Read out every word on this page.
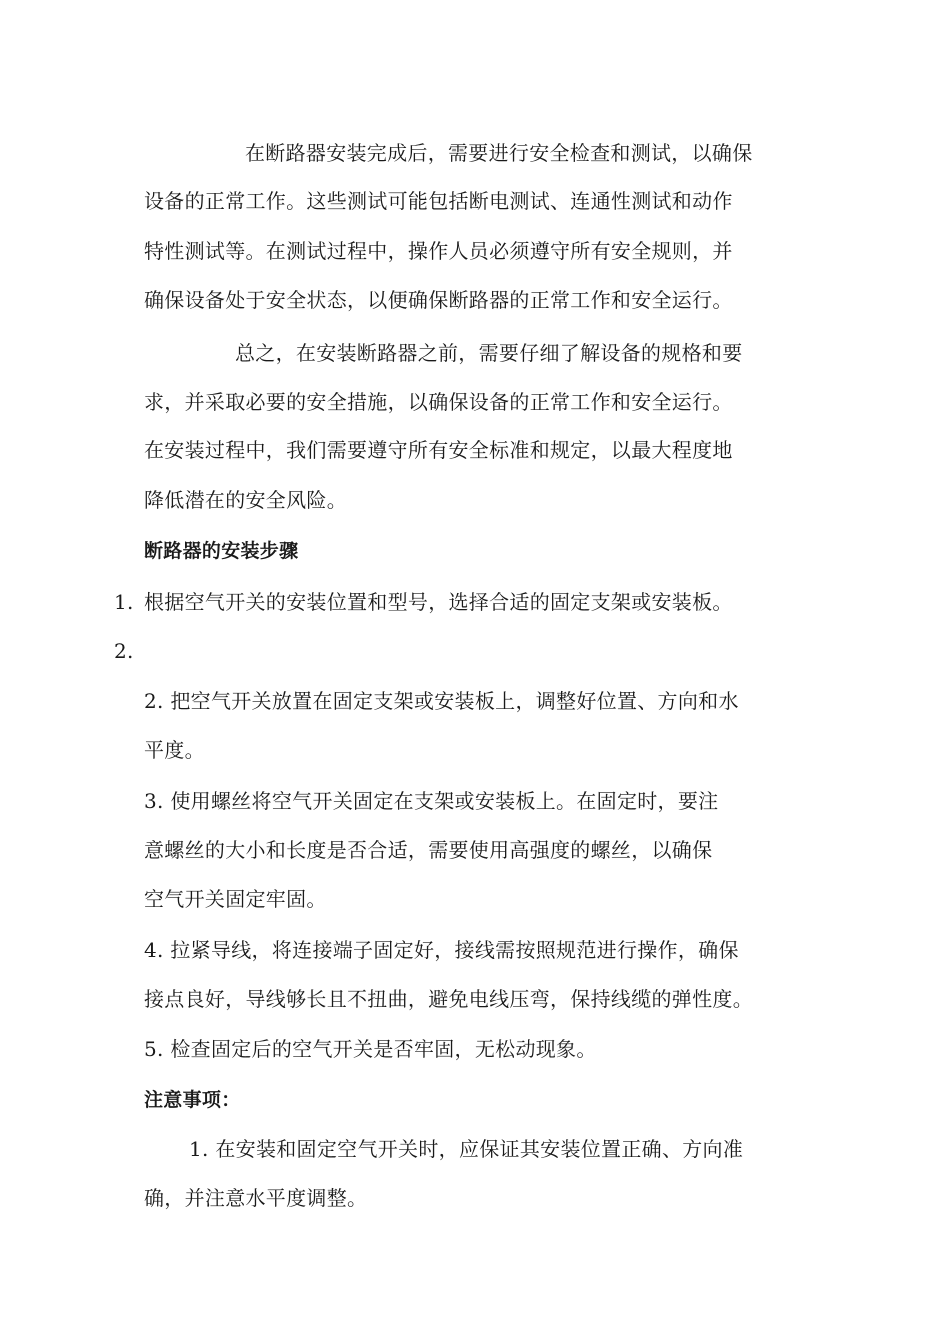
在断路器安装完成后，需要进行安全检查和测试，以确保
设备的正常工作。这些测试可能包括断电测试、连通性测试和动作
特性测试等。在测试过程中，操作人员必须遵守所有安全规则，并
确保设备处于安全状态，以便确保断路器的正常工作和安全运行。
总之，在安装断路器之前，需要仔细了解设备的规格和要
求，并采取必要的安全措施，以确保设备的正常工作和安全运行。
在安装过程中，我们需要遵守所有安全标准和规定，以最大程度地
降低潜在的安全风险。
断路器的安装步骤
1. 根据空气开关的安装位置和型号，选择合适的固定支架或安装板。
2.
2. 把空气开关放置在固定支架或安装板上，调整好位置、方向和水
平度。
3. 使用螺丝将空气开关固定在支架或安装板上。在固定时，要注
意螺丝的大小和长度是否合适，需要使用高强度的螺丝，以确保
空气开关固定牢固。
4. 拉紧导线，将连接端子固定好，接线需按照规范进行操作，确保
接点良好，导线够长且不扭曲，避免电线压弯，保持线缆的弹性度。
5. 检查固定后的空气开关是否牢固，无松动现象。
注意事项：
1. 在安装和固定空气开关时，应保证其安装位置正确、方向准
确，并注意水平度调整。
